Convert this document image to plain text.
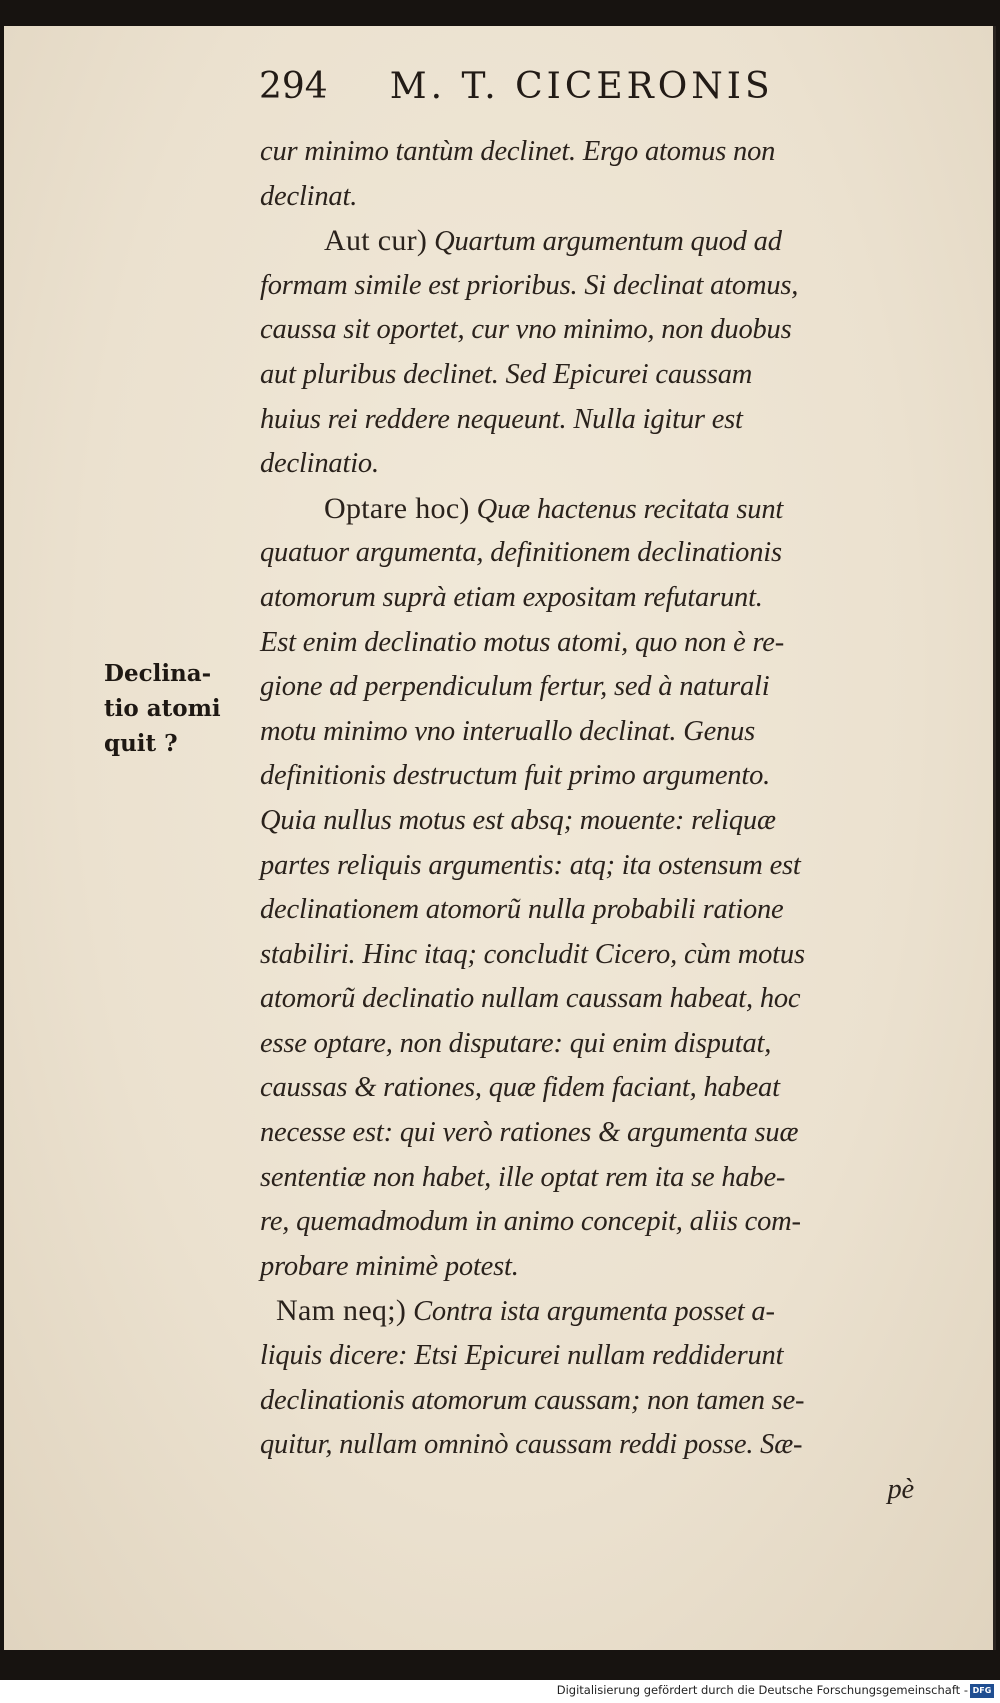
294 M. T. CICERONIS
Declina-
tio atomi
quit ?
cur minimo tantùm declinet. Ergo atomus non
declinat.
Aut cur) Quartum argumentum quod ad
formam simile est prioribus. Si declinat atomus,
caussa sit oportet, cur vno minimo, non duobus
aut pluribus declinet. Sed Epicurei caussam
huius rei reddere nequeunt. Nulla igitur est
declinatio.
Optare hoc) Quæ hactenus recitata sunt
quatuor argumenta, definitionem declinationis
atomorum suprà etiam expositam refutarunt.
Est enim declinatio motus atomi, quo non è re-
gione ad perpendiculum fertur, sed à naturali
motu minimo vno interuallo declinat. Genus
definitionis destructum fuit primo argumento.
Quia nullus motus est absq; mouente: reliquæ
partes reliquis argumentis: atq; ita ostensum est
declinationem atomorũ nulla probabili ratione
stabiliri. Hinc itaq; concludit Cicero, cùm motus
atomorũ declinatio nullam caussam habeat, hoc
esse optare, non disputare: qui enim disputat,
caussas & rationes, quæ fidem faciant, habeat
necesse est: qui verò rationes & argumenta suæ
sententiæ non habet, ille optat rem ita se habe-
re, quemadmodum in animo concepit, aliis com-
probare minimè potest.
Nam neq;) Contra ista argumenta posset a-
liquis dicere: Etsi Epicurei nullam reddiderunt
declinationis atomorum caussam; non tamen se-
quitur, nullam omninò caussam reddi posse. Sæ-
pè
Digitalisierung gefördert durch die Deutsche Forschungsgemeinschaft - DFG
